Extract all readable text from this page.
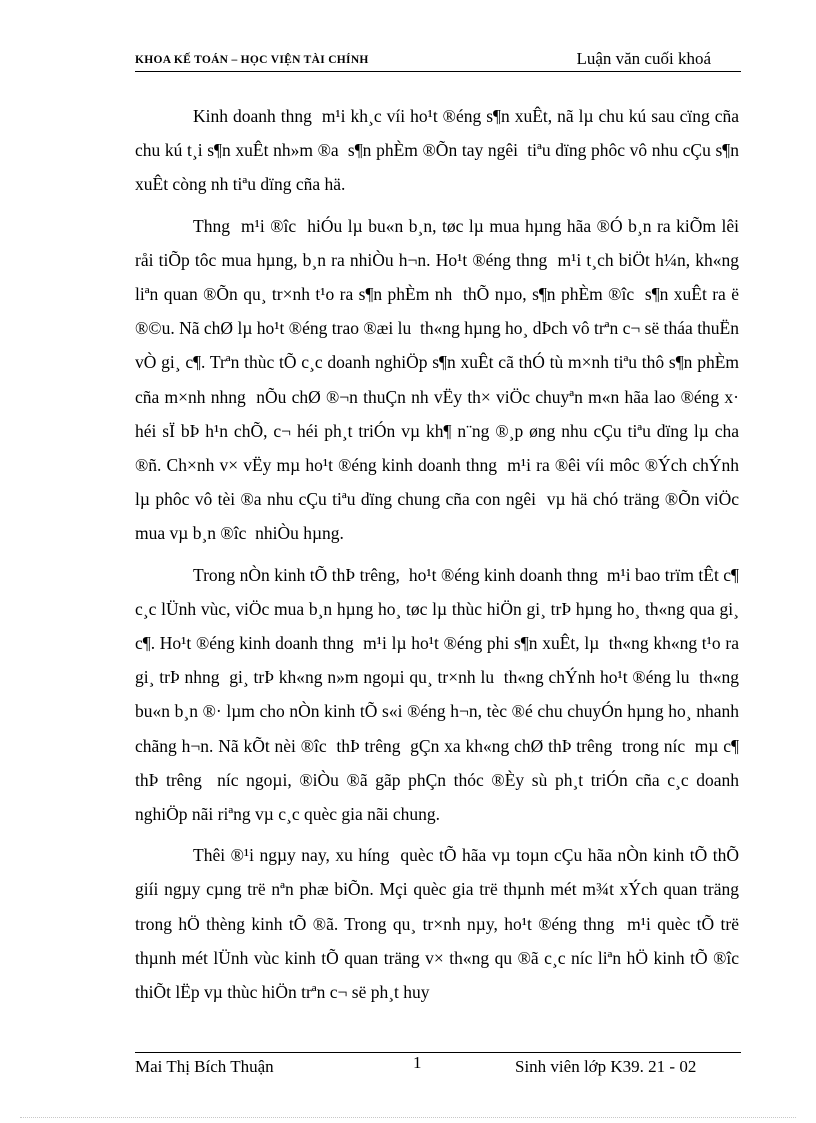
KHOA KẾ TOÁN – HỌC VIỆN TÀI CHÍNH	Luận văn cuối khoá

Kinh doanh thng  m¹i kh¸c víi ho¹t ®éng s¶n xuÊt, nã lµ chu kú sau cïng cña chu kú t¸i s¶n xuÊt nh»m ®a  s¶n phÈm ®Õn tay ngêi  tiªu dïng phôc vô nhu cÇu s¶n xuÊt còng nh tiªu dïng cña hä.

Thng  m¹i ®îc  hiÓu lµ bu«n b¸n, tøc lµ mua hµng hãa ®Ó b¸n ra kiÕm lêi råi tiÕp tôc mua hµng, b¸n ra nhiÒu h¬n. Ho¹t ®éng thng  m¹i t¸ch biÖt h¼n, kh«ng liªn quan ®Õn qu¸ tr×nh t¹o ra s¶n phÈm nh  thÕ nµo, s¶n phÈm ®îc  s¶n xuÊt ra ë ®©u. Nã chØ lµ ho¹t ®éng trao ®æi lu  th«ng hµng ho¸ dÞch vô trªn c¬ së tháa thuËn vÒ gi¸ c¶. Trªn thùc tÕ c¸c doanh nghiÖp s¶n xuÊt cã thÓ tù m×nh tiªu thô s¶n phÈm cña m×nh nhng  nÕu chØ ®¬n thuÇn nh vËy th× viÖc chuyªn m«n hãa lao ®éng x· héi sÏ bÞ h¹n chÕ, c¬ héi ph¸t triÓn vµ kh¶ n¨ng ®¸p øng nhu cÇu tiªu dïng lµ cha  ®ñ. Ch×nh v× vËy mµ ho¹t ®éng kinh doanh thng  m¹i ra ®êi víi môc ®Ých chÝnh lµ phôc vô tèi ®a nhu cÇu tiªu dïng chung cña con ngêi  vµ hä chó träng ®Õn viÖc mua vµ b¸n ®îc  nhiÒu hµng.

Trong nÒn kinh tÕ thÞ trêng,  ho¹t ®éng kinh doanh thng  m¹i bao trïm tÊt c¶ c¸c lÜnh vùc, viÖc mua b¸n hµng ho¸ tøc lµ thùc hiÖn gi¸ trÞ hµng ho¸ th«ng qua gi¸ c¶. Ho¹t ®éng kinh doanh thng  m¹i lµ ho¹t ®éng phi s¶n xuÊt, lµ  th«ng kh«ng t¹o ra gi¸ trÞ nhng  gi¸ trÞ kh«ng n»m ngoµi qu¸ tr×nh lu  th«ng chÝnh ho¹t ®éng lu  th«ng bu«n b¸n ®· lµm cho nÒn kinh tÕ s«i ®éng h¬n, tèc ®é chu chuyÓn hµng ho¸ nhanh chãng h¬n. Nã kÕt nèi ®îc  thÞ trêng  gÇn xa kh«ng chØ thÞ trêng  trong níc  mµ c¶ thÞ trêng  níc ngoµi, ®iÒu ®ã gãp phÇn thóc ®Èy sù ph¸t triÓn cña c¸c doanh nghiÖp nãi riªng vµ c¸c quèc gia nãi chung.

Thêi ®¹i ngµy nay, xu híng  quèc tÕ hãa vµ toµn cÇu hãa nÒn kinh tÕ thÕ giíi ngµy cµng trë nªn phæ biÕn. Mçi quèc gia trë thµnh mét m¾t xÝch quan träng trong hÖ thèng kinh tÕ ®ã. Trong qu¸ tr×nh nµy, ho¹t ®éng thng  m¹i quèc tÕ trë thµnh mét lÜnh vùc kinh tÕ quan träng v× th«ng qu ®ã c¸c níc liªn hÖ kinh tÕ ®îc  thiÕt lËp vµ thùc hiÖn trªn c¬ së ph¸t huy

Mai Thị Bích Thuận	1	Sinh viên lớp K39. 21 - 02
